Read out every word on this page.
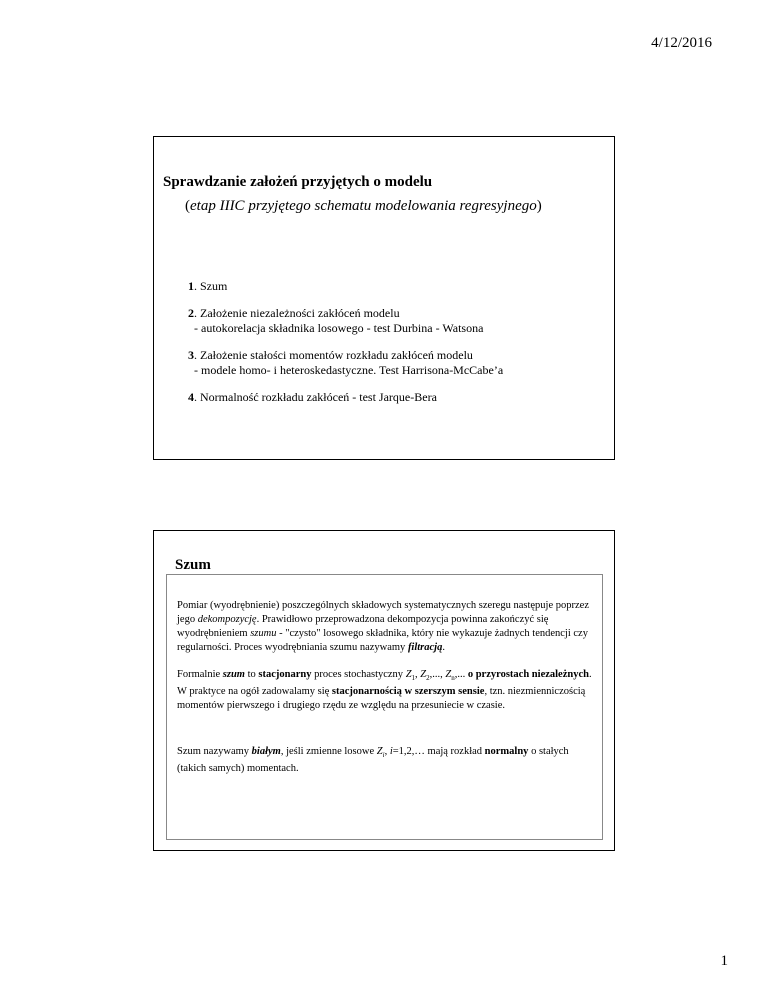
4/12/2016
Sprawdzanie założeń przyjętych o modelu
(etap IIIC przyjętego schematu modelowania regresyjnego)
1. Szum
2. Założenie niezależności zakłóceń modelu
- autokorelacja składnika losowego - test Durbina - Watsona
3. Założenie stałości momentów rozkładu zakłóceń modelu
- modele homo- i heteroskedastyczne. Test Harrisona-McCabe’a
4. Normalność rozkładu zakłóceń - test Jarque-Bera
Szum
Pomiar (wyodrębnienie) poszczególnych składowych systematycznych szeregu następuje poprzez jego dekompozycję. Prawidłowo przeprowadzona dekompozycja powinna zakończyć się wyodrębnieniem szumu - "czysto" losowego składnika, który nie wykazuje żadnych tendencji czy regularności. Proces wyodrębniania szumu nazywamy filtracją.
Formalnie szum to stacjonarny proces stochastyczny $Z_1$, $Z_2$,..., $Z_n$,... o przyrostach niezależnych. W praktyce na ogół zadowalamy się stacjonarnością w szerszym sensie, tzn. niezmienniczością momentów pierwszego i drugiego rzędu ze względu na przesuniecie w czasie.
Szum nazywamy białym, jeśli zmienne losowe $Z_i$, i=1,2,… mają rozkład normalny o stałych (takich samych) momentach.
1
